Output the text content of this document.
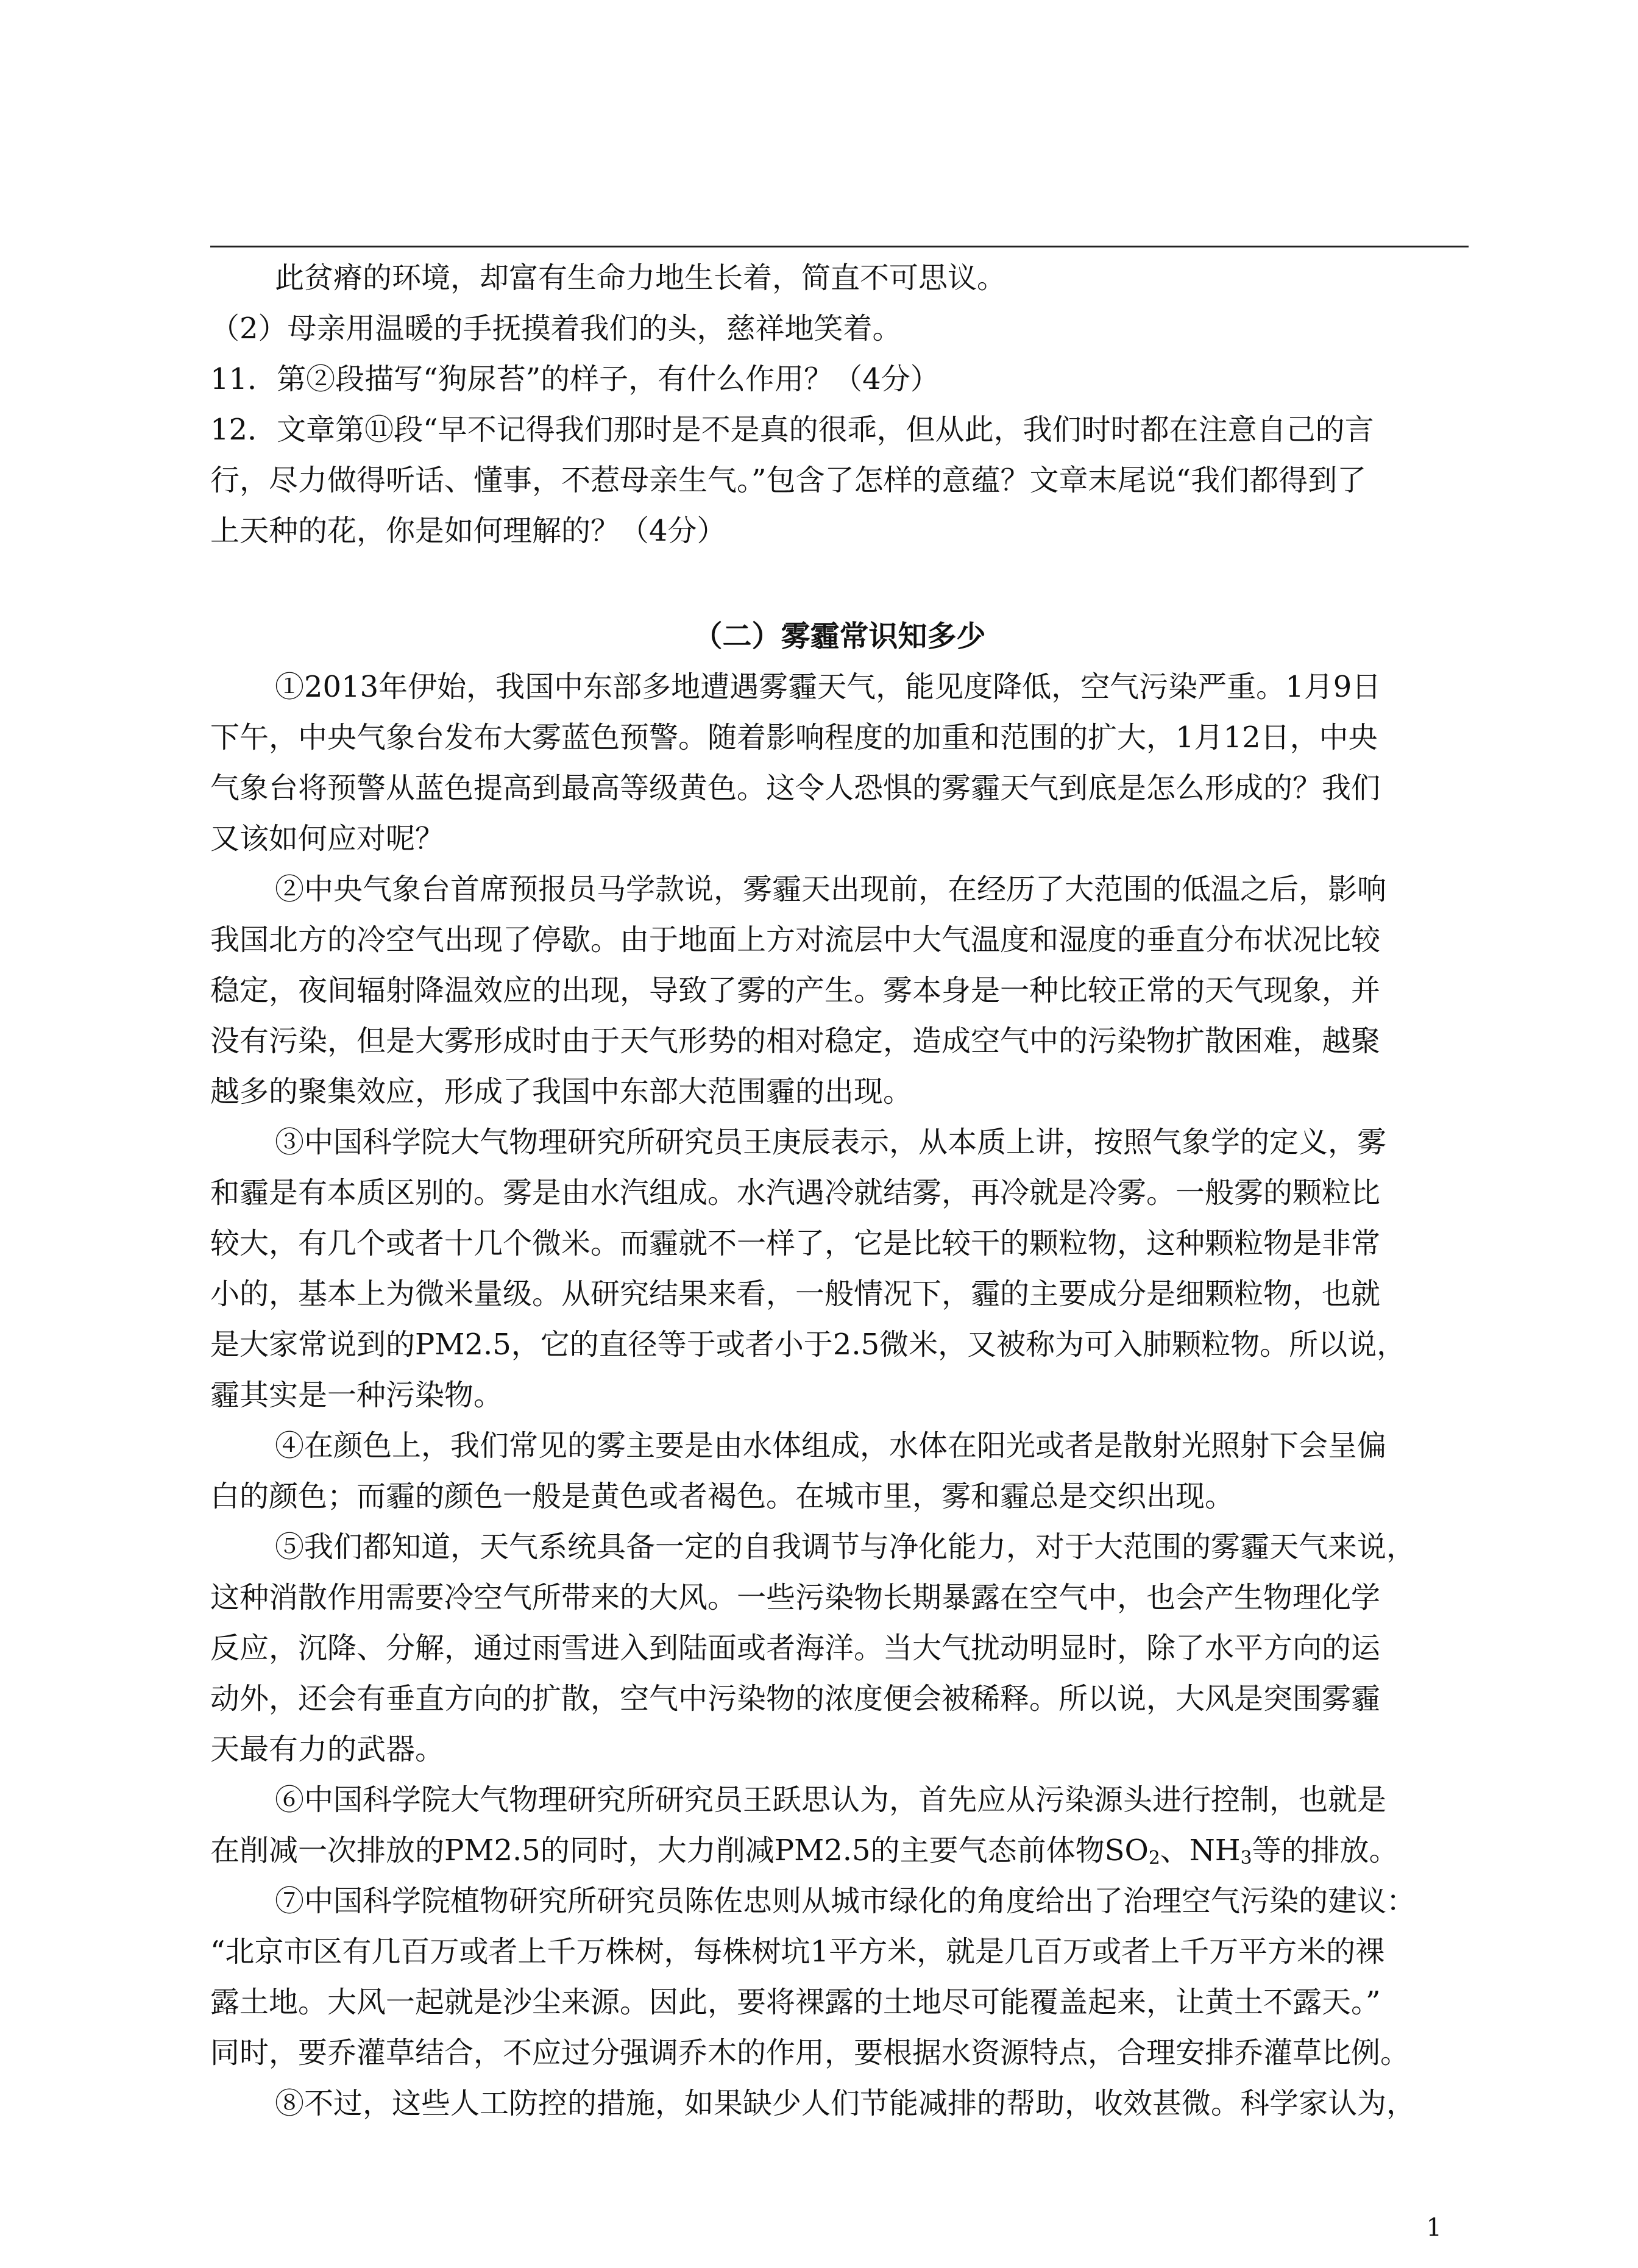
此贫瘠的环境，却富有生命力地生长着，简直不可思议。
（2）母亲用温暖的手抚摸着我们的头，慈祥地笑着。
11．第②段描写“狗尿苔”的样子，有什么作用？（4分）
12．文章第⑪段“早不记得我们那时是不是真的很乖，但从此，我们时时都在注意自己的言
行，尽力做得听话、懂事，不惹母亲生气。”包含了怎样的意蕴？文章末尾说“我们都得到了
上天种的花，你是如何理解的？（4分）
（二）雾霾常识知多少
①2013年伊始，我国中东部多地遭遇雾霾天气，能见度降低，空气污染严重。1月9日
下午，中央气象台发布大雾蓝色预警。随着影响程度的加重和范围的扩大，1月12日，中央
气象台将预警从蓝色提高到最高等级黄色。这令人恐惧的雾霾天气到底是怎么形成的？我们
又该如何应对呢？
②中央气象台首席预报员马学款说，雾霾天出现前，在经历了大范围的低温之后，影响
我国北方的冷空气出现了停歇。由于地面上方对流层中大气温度和湿度的垂直分布状况比较
稳定，夜间辐射降温效应的出现，导致了雾的产生。雾本身是一种比较正常的天气现象，并
没有污染，但是大雾形成时由于天气形势的相对稳定，造成空气中的污染物扩散困难，越聚
越多的聚集效应，形成了我国中东部大范围霾的出现。
③中国科学院大气物理研究所研究员王庚辰表示，从本质上讲，按照气象学的定义，雾
和霾是有本质区别的。雾是由水汽组成。水汽遇冷就结雾，再冷就是冷雾。一般雾的颗粒比
较大，有几个或者十几个微米。而霾就不一样了，它是比较干的颗粒物，这种颗粒物是非常
小的，基本上为微米量级。从研究结果来看，一般情况下，霾的主要成分是细颗粒物，也就
是大家常说到的PM2.5，它的直径等于或者小于2.5微米，又被称为可入肺颗粒物。所以说，
霾其实是一种污染物。
④在颜色上，我们常见的雾主要是由水体组成，水体在阳光或者是散射光照射下会呈偏
白的颜色；而霾的颜色一般是黄色或者褐色。在城市里，雾和霾总是交织出现。
⑤我们都知道，天气系统具备一定的自我调节与净化能力，对于大范围的雾霾天气来说，
这种消散作用需要冷空气所带来的大风。一些污染物长期暴露在空气中，也会产生物理化学
反应，沉降、分解，通过雨雪进入到陆面或者海洋。当大气扰动明显时，除了水平方向的运
动外，还会有垂直方向的扩散，空气中污染物的浓度便会被稀释。所以说，大风是突围雾霾
天最有力的武器。
⑥中国科学院大气物理研究所研究员王跃思认为，首先应从污染源头进行控制，也就是
在削减一次排放的PM2.5的同时，大力削减PM2.5的主要气态前体物SO2、NH3等的排放。
⑦中国科学院植物研究所研究员陈佐忠则从城市绿化的角度给出了治理空气污染的建议：
“北京市区有几百万或者上千万株树，每株树坑1平方米，就是几百万或者上千万平方米的裸
露土地。大风一起就是沙尘来源。因此，要将裸露的土地尽可能覆盖起来，让黄土不露天。”
同时，要乔灌草结合，不应过分强调乔木的作用，要根据水资源特点，合理安排乔灌草比例。
⑧不过，这些人工防控的措施，如果缺少人们节能减排的帮助，收效甚微。科学家认为，
1
